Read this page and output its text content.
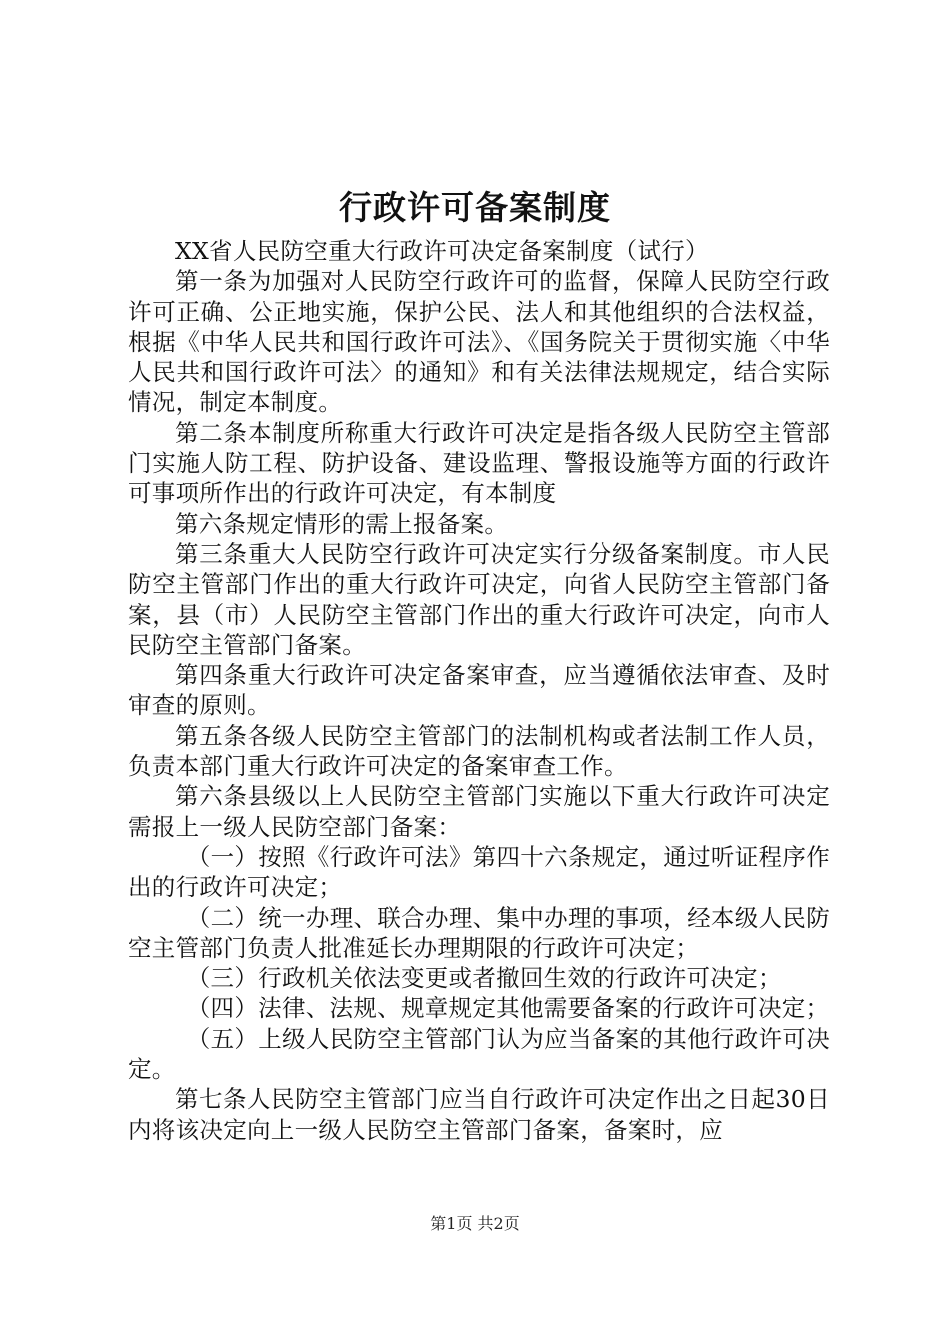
行政许可备案制度

XX省人民防空重大行政许可决定备案制度（试行）

第一条为加强对人民防空行政许可的监督，保障人民防空行政许可正确、公正地实施，保护公民、法人和其他组织的合法权益，根据《中华人民共和国行政许可法》、《国务院关于贯彻实施〈中华人民共和国行政许可法〉的通知》和有关法律法规规定，结合实际情况，制定本制度。

第二条本制度所称重大行政许可决定是指各级人民防空主管部门实施人防工程、防护设备、建设监理、警报设施等方面的行政许可事项所作出的行政许可决定，有本制度

第六条规定情形的需上报备案。

第三条重大人民防空行政许可决定实行分级备案制度。市人民防空主管部门作出的重大行政许可决定，向省人民防空主管部门备案，县（市）人民防空主管部门作出的重大行政许可决定，向市人民防空主管部门备案。

第四条重大行政许可决定备案审查，应当遵循依法审查、及时审查的原则。

第五条各级人民防空主管部门的法制机构或者法制工作人员，负责本部门重大行政许可决定的备案审查工作。

第六条县级以上人民防空主管部门实施以下重大行政许可决定需报上一级人民防空部门备案：

（一）按照《行政许可法》第四十六条规定，通过听证程序作出的行政许可决定；

（二）统一办理、联合办理、集中办理的事项，经本级人民防空主管部门负责人批准延长办理期限的行政许可决定；

（三）行政机关依法变更或者撤回生效的行政许可决定；

（四）法律、法规、规章规定其他需要备案的行政许可决定；

（五）上级人民防空主管部门认为应当备案的其他行政许可决定。

第七条人民防空主管部门应当自行政许可决定作出之日起30日内将该决定向上一级人民防空主管部门备案，备案时，应

第1页 共2页
